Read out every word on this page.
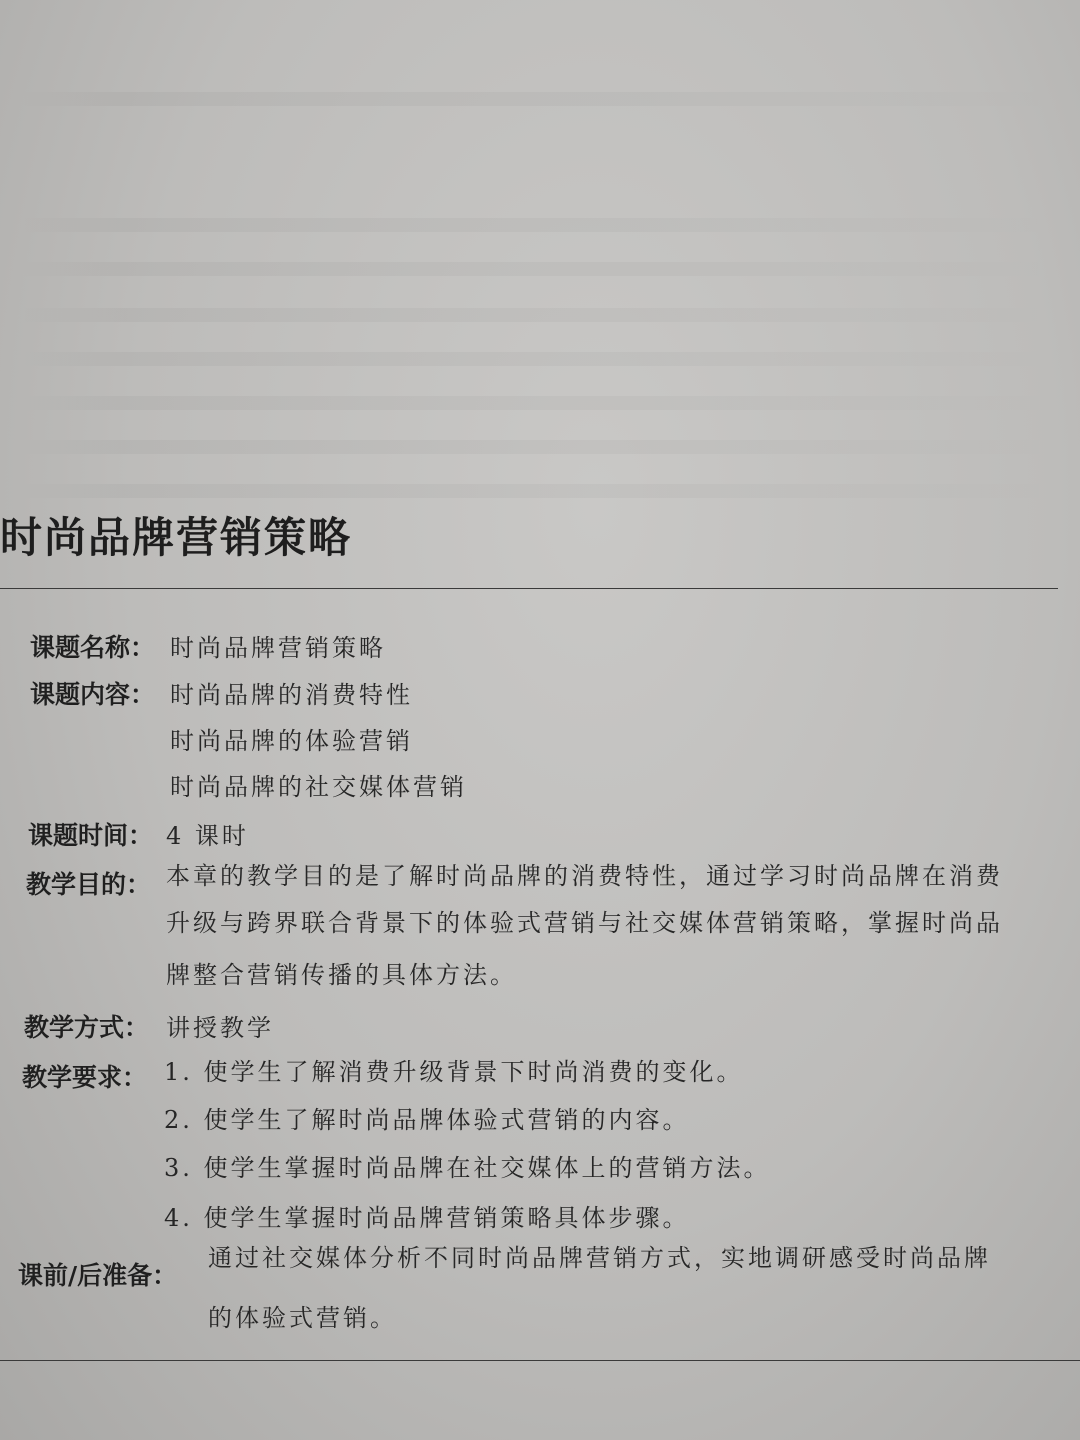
时尚品牌营销策略
课题名称： 时尚品牌营销策略
课题内容： 时尚品牌的消费特性
时尚品牌的体验营销
时尚品牌的社交媒体营销
课题时间： 4 课时
教学目的： 本章的教学目的是了解时尚品牌的消费特性，通过学习时尚品牌在消费
升级与跨界联合背景下的体验式营销与社交媒体营销策略，掌握时尚品
牌整合营销传播的具体方法。
教学方式： 讲授教学
教学要求： 1. 使学生了解消费升级背景下时尚消费的变化。
2. 使学生了解时尚品牌体验式营销的内容。
3. 使学生掌握时尚品牌在社交媒体上的营销方法。
4. 使学生掌握时尚品牌营销策略具体步骤。
课前/后准备：
通过社交媒体分析不同时尚品牌营销方式，实地调研感受时尚品牌
的体验式营销。
